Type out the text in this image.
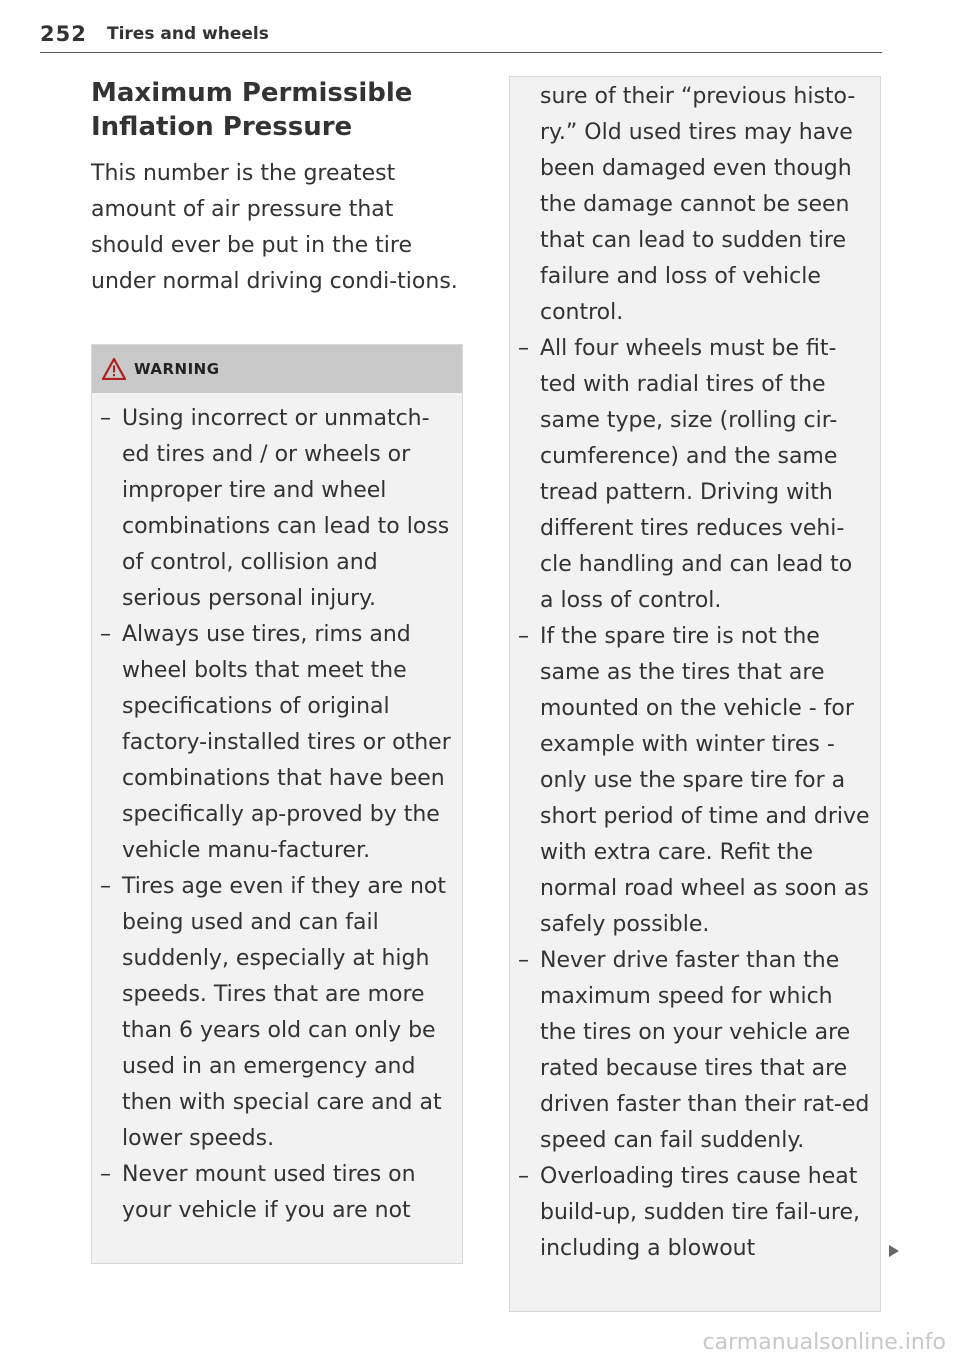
252 Tires and wheels
Maximum Permissible Inflation Pressure

This number is the greatest amount of air pressure that should ever be put in the tire under normal driving condi-tions.

WARNING
– Using incorrect or unmatch-ed tires and / or wheels or improper tire and wheel combinations can lead to loss of control, collision and serious personal injury.
– Always use tires, rims and wheel bolts that meet the specifications of original factory-installed tires or other combinations that have been specifically ap-proved by the vehicle manu-facturer.
– Tires age even if they are not being used and can fail suddenly, especially at high speeds. Tires that are more than 6 years old can only be used in an emergency and then with special care and at lower speeds.
– Never mount used tires on your vehicle if you are not
sure of their “previous histo-ry.” Old used tires may have been damaged even though the damage cannot be seen that can lead to sudden tire failure and loss of vehicle control.
– All four wheels must be fit-ted with radial tires of the same type, size (rolling cir-cumference) and the same tread pattern. Driving with different tires reduces vehi-cle handling and can lead to a loss of control.
– If the spare tire is not the same as the tires that are mounted on the vehicle - for example with winter tires - only use the spare tire for a short period of time and drive with extra care. Refit the normal road wheel as soon as safely possible.
– Never drive faster than the maximum speed for which the tires on your vehicle are rated because tires that are driven faster than their rat-ed speed can fail suddenly.
– Overloading tires cause heat build-up, sudden tire fail-ure, including a blowout
carmanualsonline.info
